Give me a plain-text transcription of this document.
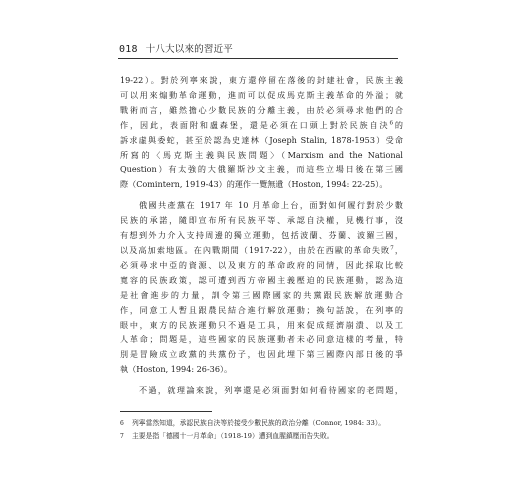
018 十八大以來的習近平

19-22）。對於列寧來說，東方還停留在落後的封建社會，民族主義

可以用來煽動革命運動，進而可以促成馬克斯主義革命的外溢；就

戰術而言，雖然擔心少數民族的分離主義，由於必須尋求他們的合

作，因此，表面附和盧森堡，還是必須在口頭上對於民族自決$^6$的

訴求虛與委蛇，甚至於認為史達林（Joseph Stalin, 1878-1953）受命

所寫的〈馬克斯主義與民族問題〉（Marxism and the National

Question）有太強的大俄羅斯沙文主義，而這些立場日後在第三國

際（Comintern, 1919-43）的運作一覽無遺（Hoston, 1994: 22-25）。

　　俄國共產黨在 1917 年 10 月革命上台，面對如何履行對於少數

民族的承諾，隨即宣布所有民族平等、承認自決權，見機行事，沒

有想到外力介入支持周邊的獨立運動，包括波蘭、芬蘭、波羅三國，

以及高加索地區。在內戰期間（1917-22），由於在西歐的革命失敗$^7$，

必須尋求中亞的資源、以及東方的革命政府的同情，因此採取比較

寬容的民族政策，認可遭到西方帝國主義壓迫的民族運動，認為這

是社會進步的力量，訓令第三國際國家的共黨跟民族解放運動合

作，同意工人暫且跟農民結合進行解放運動；換句話說，在列寧的

眼中，東方的民族運動只不過是工具，用來促成經濟崩潰、以及工

人革命；問題是，這些國家的民族運動者未必同意這樣的考量，特

別是冒險成立政黨的共黨份子，也因此埋下第三國際內部日後的爭

執（Hoston, 1994: 26-36）。

　　不過，就理論來說，列寧還是必須面對如何看待國家的老問題，

6	列寧當然知道，承認民族自決等於接受少數民族的政治分離（Connor, 1984: 33）。
7	主要是指「德國十一月革命」（1918-19）遭到血腥鎮壓而告失敗。
